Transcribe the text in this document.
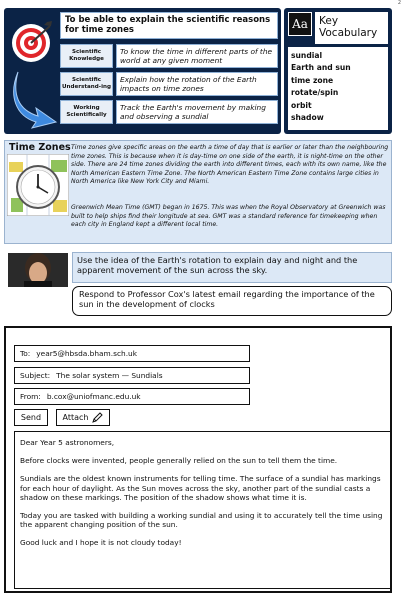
2
To be able to explain the scientific reasons for time zones
Scientific Knowledge
To know the time in different parts of the world at any given moment
Scientific Understand-ing
Explain how the rotation of the Earth impacts on time zones
Working Scientifically
Track the Earth's movement by making and observing a sundial
Aa	Key Vocabulary
sundial
Earth and sun
time zone
rotate/spin
orbit
shadow
Time Zones Time zones give specific areas on the earth a time of day that is earlier or later than the neighbouring time zones. This is because when it is day-time on one side of the earth, it is night-time on the other side. There are 24 time zones dividing the earth into different times, each with its own name, like the North American Eastern Time Zone. The North American Eastern Time Zone contains large cities in North America like New York City and Miami.

Greenwich Mean Time (GMT) began in 1675. This was when the Royal Observatory at Greenwich was built to help ships find their longitude at sea. GMT was a standard reference for timekeeping when each city in England kept a different local time.

Use the idea of the Earth's rotation to explain day and night and the apparent movement of the sun across the sky.
Respond to Professor Cox's latest email regarding the importance of the sun in the development of clocks
To: year5@hbsda.bham.sch.uk
Subject: The solar system — Sundials
From: b.cox@uniofmanc.edu.uk
Send	Attach

Dear Year 5 astronomers,

Before clocks were invented, people generally relied on the sun to tell them the time.

Sundials are the oldest known instruments for telling time. The surface of a sundial has markings for each hour of daylight. As the Sun moves across the sky, another part of the sundial casts a shadow on these markings. The position of the shadow shows what time it is.

Today you are tasked with building a working sundial and using it to accurately tell the time using the apparent changing position of the sun.

Good luck and I hope it is not cloudy today!
